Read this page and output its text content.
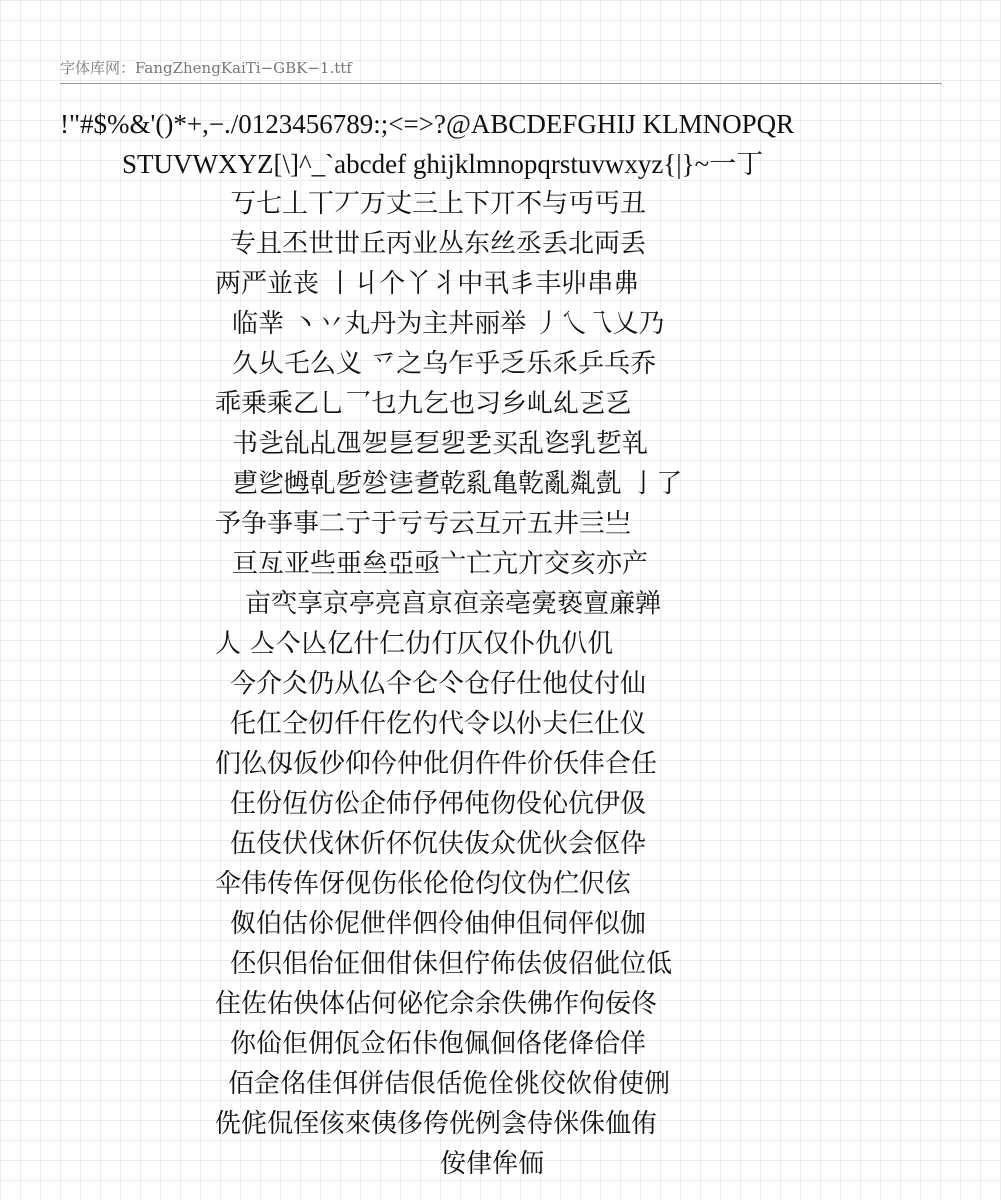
字体库网：FangZhengKaiTi−GBK−1.ttf
!"#$%&'()*+,−./0123456789:;<=>?@ABCDEFGHIJ KLMNOPQR
STUVWXYZ[\]^_`abcdef ghijklmnopqrstuvwxyz{|}~一丁
丂七丄丅丆万丈三上下丌不与丏丐丑
专且丕世丗丘丙业丛东丝丞丢北両丢
两严並丧 丨丩个丫丬中丮丯丰丱串丳
临丵 丶丷丸丹为主丼丽举 丿乀乁乂乃
久乆乇么义 乊之乌乍乎乏乐乑乒乓乔
乖乗乘乙乚乛乜九乞也习乡乢乣乤乥
书乧乨乩乪乫乬乭乮乯买乱乲乳乴乵
乶乷乸乹乺乻乼乽乾乿亀亁亂亃亄 亅了
予争亊事二亍于亏亐云互亓五井亖亗
亘亙亚些亜亝亞亟亠亡亢亣交亥亦产
亩亪享京亭亮亯亰亱亲亳亴亵亶亷亸
人 亼亽亾亿什仁仂仃仄仅仆仇仈仉
今介仌仍从仏仐仑仒仓仔仕他仗付仙
仛仜仝仞仟仠仡仢代令以仦仧仨仩仪
们仫仭仮仯仰仱仲仳仴仵件价仸仹仺任
仼份仾仿伀企伂伃伄伅伆伇伈伉伊伋
伍伎伏伐休伒伓伔伕伖众优伙会伛伜
伞伟传伡伢伣伤伥伦伧伨伩伪伫伬伭
伮伯估伱伲伳伴伵伶伷伸伹伺伻似伽
伾伿佀佁佂佃佄佅但佇佈佉佊佋佌位低
住佐佑佒体佔何佖佗佘余佚佛作佝佞佟
你佡佢佣佤佥佦佧佨佩佪佫佬佭佮佯
佰佱佲佳佴併佶佷佸佹佺佻佼佽佾使侀
侁侂侃侄侅來侇侈侉侊例侌侍侎侏侐侑
侒侓侔侕
